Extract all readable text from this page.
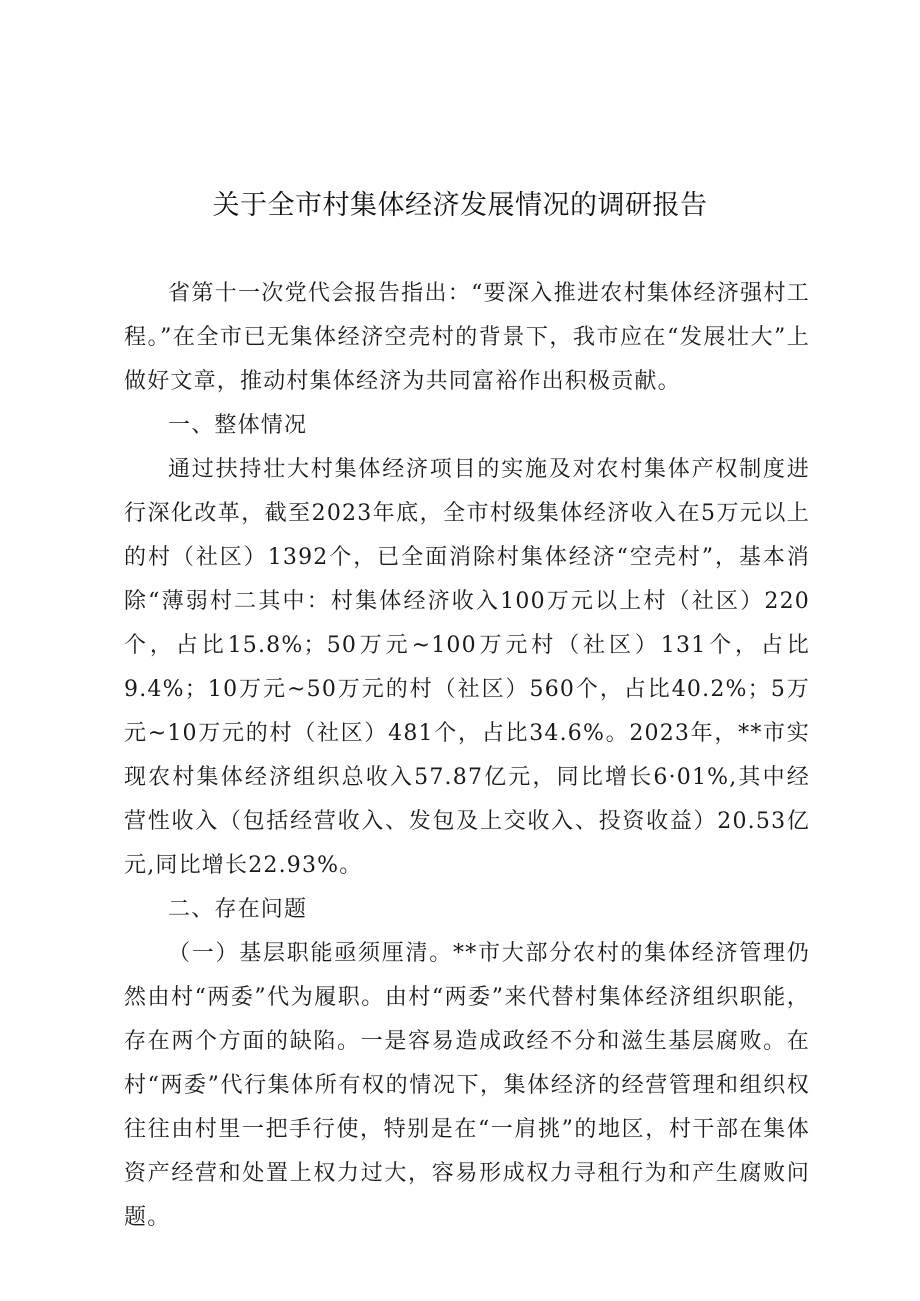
关于全市村集体经济发展情况的调研报告

省第十一次党代会报告指出：“要深入推进农村集体经济强村工程。”在全市已无集体经济空壳村的背景下，我市应在“发展壮大”上做好文章，推动村集体经济为共同富裕作出积极贡献。

一、整体情况

通过扶持壮大村集体经济项目的实施及对农村集体产权制度进行深化改革，截至2023年底，全市村级集体经济收入在5万元以上的村（社区）1392个，已全面消除村集体经济“空壳村”，基本消除“薄弱村二其中：村集体经济收入100万元以上村（社区）220个，占比15.8%；50万元~100万元村（社区）131个，占比9.4%；10万元~50万元的村（社区）560个，占比40.2%；5万元~10万元的村（社区）481个，占比34.6%。2023年，**市实现农村集体经济组织总收入57.87亿元，同比增长6·01%,其中经营性收入（包括经营收入、发包及上交收入、投资收益）20.53亿元,同比增长22.93%。

二、存在问题

（一）基层职能亟须厘清。**市大部分农村的集体经济管理仍然由村“两委”代为履职。由村“两委”来代替村集体经济组织职能，存在两个方面的缺陷。一是容易造成政经不分和滋生基层腐败。在村“两委”代行集体所有权的情况下，集体经济的经营管理和组织权往往由村里一把手行使，特别是在“一肩挑”的地区，村干部在集体资产经营和处置上权力过大，容易形成权力寻租行为和产生腐败问题。
